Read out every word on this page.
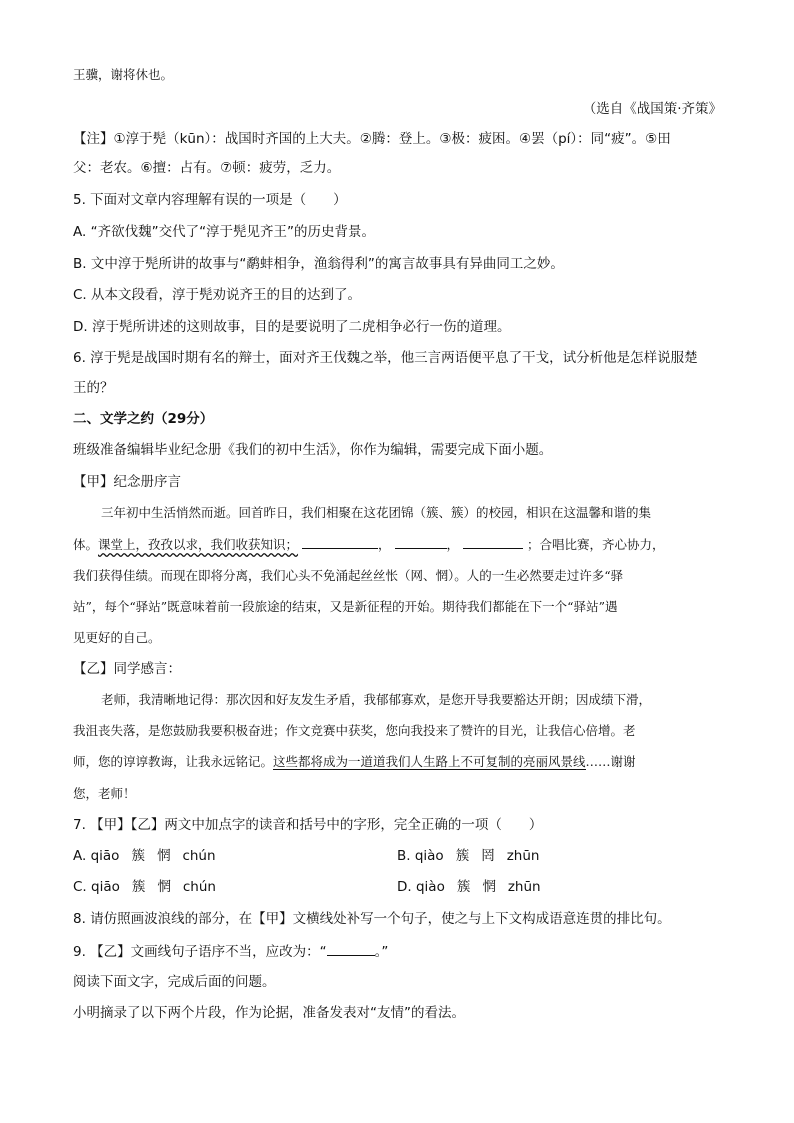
王骥，谢将休也。
（选自《战国策·齐策》
【注】①淳于髡（kūn）：战国时齐国的上大夫。②腾：登上。③极：疲困。④罢（pí）：同“疲”。⑤田
父：老农。⑥擅：占有。⑦顿：疲劳，乏力。
5. 下面对文章内容理解有误的一项是（　　）
A. “齐欲伐魏”交代了“淳于髡见齐王”的历史背景。
B. 文中淳于髡所讲的故事与“鹬蚌相争，渔翁得利”的寓言故事具有异曲同工之妙。
C. 从本文段看，淳于髡劝说齐王的目的达到了。
D. 淳于髡所讲述的这则故事，目的是要说明了二虎相争必行一伤的道理。
6. 淳于髡是战国时期有名的辩士，面对齐王伐魏之举，他三言两语便平息了干戈，试分析他是怎样说服楚
王的？
二、文学之约（29分）
班级准备编辑毕业纪念册《我们的初中生活》，你作为编辑，需要完成下面小题。
【甲】纪念册序言
三年初中生活悄然而逝。回首昨日，我们相聚在这花团锦（簇、簇）的校园，相识在这温馨和谐的集
体。课堂上，孜孜以求，我们收获知识；	，	，	；合唱比赛，齐心协力，
我们获得佳绩。而现在即将分离，我们心头不免涌起丝丝怅（网、惘）。人的一生必然要走过许多“驿
站”，每个“驿站”既意味着前一段旅途的结束，又是新征程的开始。期待我们都能在下一个“驿站”遇
见更好的自己。
【乙】同学感言：
老师，我清晰地记得：那次因和好友发生矛盾，我郁郁寡欢，是您开导我要豁达开朗；因成绩下滑，
我沮丧失落，是您鼓励我要积极奋进；作文竞赛中获奖，您向我投来了赞许的目光，让我信心倍增。老
师，您的谆谆教诲，让我永远铭记。这些都将成为一道道我们人生路上不可复制的亮丽风景线……谢谢
您，老师！
7. 【甲】【乙】两文中加点字的读音和括号中的字形，完全正确的一项（　　）
A. qiāo 簇 惘 chún	B. qiào 簇 罔 zhūn
C. qiāo 簇 惘 chún	D. qiào 簇 惘 zhūn
8. 请仿照画波浪线的部分，在【甲】文横线处补写一个句子，使之与上下文构成语意连贯的排比句。
9. 【乙】文画线句子语序不当，应改为：“	。”
阅读下面文字，完成后面的问题。
小明摘录了以下两个片段，作为论据，准备发表对“友情”的看法。
